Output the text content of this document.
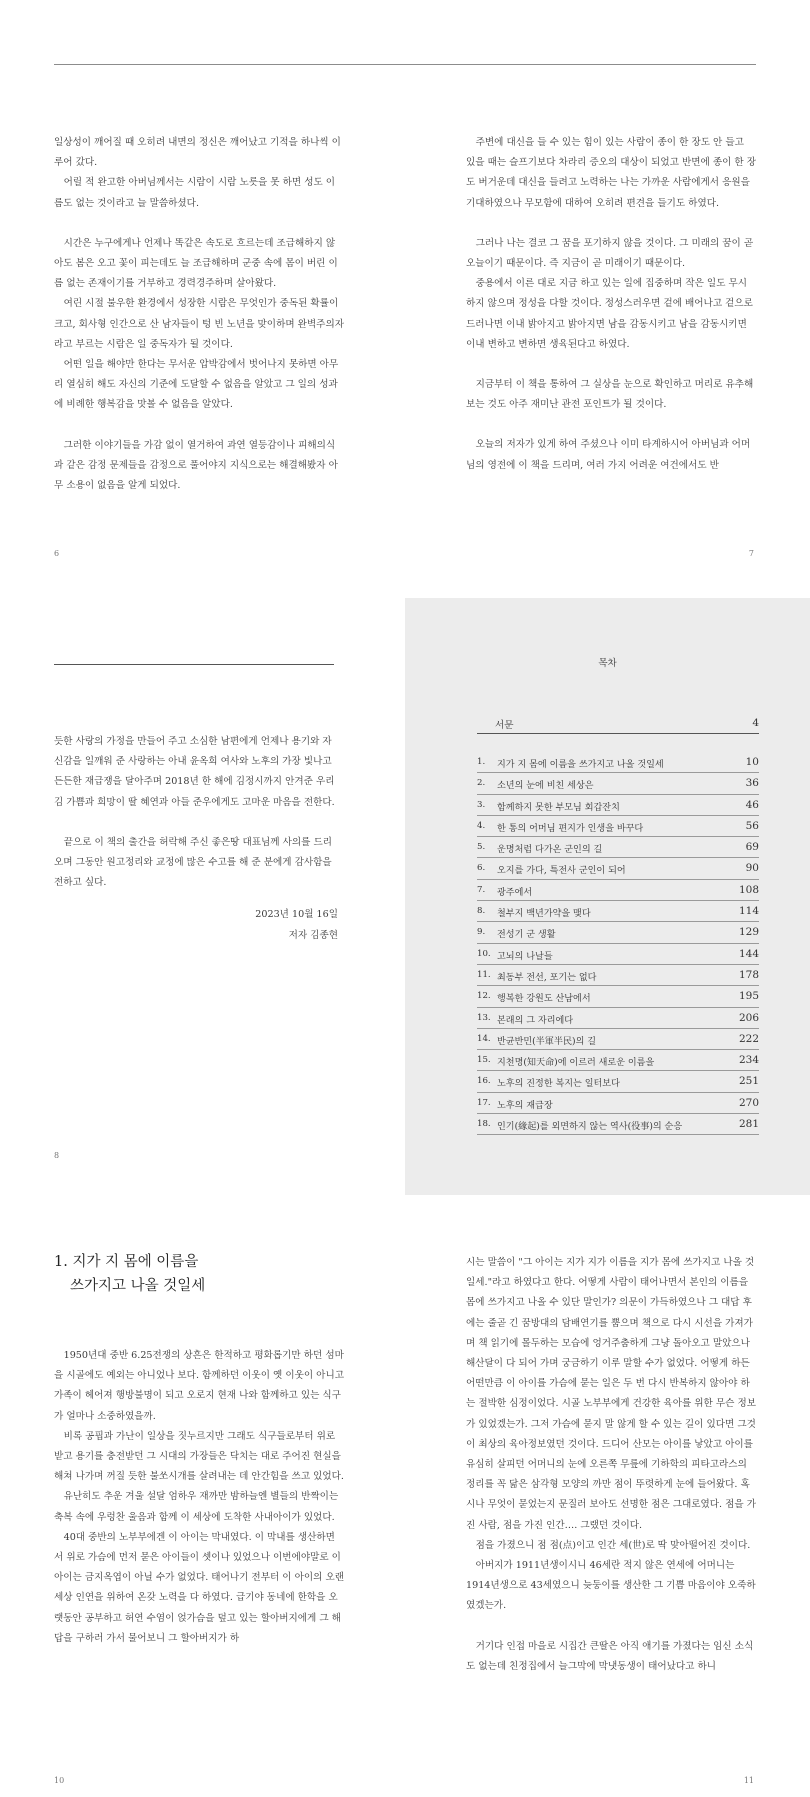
일상성이 깨어질 때 오히려 내면의 정신은 깨어났고 기적을 하나씩 이루어 갔다.

어릴 적 완고한 아버님께서는 시람이 시람 노릇을 못 하면 성도 이름도 없는 것이라고 늘 말씀하셨다.

시간은 누구에게나 언제나 똑같은 속도로 흐르는데 조급해하지 않아도 봄은 오고 꽃이 피는데도 늘 조급해하며 군중 속에 몸이 버린 이름 없는 존재이기를 거부하고 경력경주하며 살아왔다.

여린 시절 불우한 환경에서 성장한 시람은 무엇인가 중독된 확률이 크고, 회사형 인간으로 산 남자들이 텅 빈 노년을 맞이하며 완벽주의자라고 부르는 시람은 일 중독자가 될 것이다.

어떤 일을 해야만 한다는 무서운 압박감에서 벗어나지 못하면 아무리 열심히 해도 자신의 기준에 도달할 수 없음을 알았고 그 일의 성과에 비례한 행복감을 맛볼 수 없음을 알았다.

그러한 이야기들을 가감 없이 열거하여 과연 열등감이나 피해의식과 같은 감정 문제들을 감정으로 풀어야지 지식으로는 해결해봤자 아무 소용이 없음을 알게 되었다.

6

주변에 대신을 들 수 있는 힘이 있는 사람이 종이 한 장도 안 들고 있을 때는 슬프기보다 차라리 증오의 대상이 되었고 반면에 종이 한 장도 버거운데 대신을 들려고 노력하는 나는 가까운 사람에게서 응원을 기대하였으나 무모함에 대하여 오히려 편견을 들기도 하였다.

그러나 나는 결코 그 꿈을 포기하지 않을 것이다. 그 미래의 꿈이 곧 오늘이기 때문이다. 즉 지금이 곧 미래이기 때문이다.

중용에서 이른 대로 지금 하고 있는 일에 집중하며 작은 일도 무시하지 않으며 정성을 다할 것이다. 정성스러우면 겉에 배어나고 겉으로 드러나면 이내 밝아지고 밝아지면 남을 감동시키고 남을 감동시키면 이내 변하고 변하면 생육된다고 하였다.

지금부터 이 책을 통하여 그 실상을 눈으로 확인하고 머리로 유추해 보는 것도 아주 재미난 관전 포인트가 될 것이다.

오늘의 저자가 있게 하여 주셨으나 이미 타계하시어 아버님과 어머님의 영전에 이 책을 드리며, 여러 가지 어려운 여건에서도 반

7

듯한 사랑의 가정을 만들어 주고 소심한 남편에게 언제나 용기와 자신감을 일깨워 준 사랑하는 아내 윤옥희 여사와 노후의 가장 빛나고 든든한 재급쟁을 달아주며 2018년 한 해에 김정시까지 안겨준 우리 김 가쁨과 희망이 딸 혜연과 아들 준우에게도 고마운 마음을 전한다.

끝으로 이 책의 출간을 허락해 주신 좋은땅 대표님께 사의를 드리오며 그동안 원고정리와 교정에 많은 수고를 해 준 분에게 감사함을 전하고 싶다.

2023년 10월 16일

저자 김종현

8
목차
서문	4
1. 지가 지 몸에 이름을 쓰가지고 나올 것일세	10
2. 소년의 눈에 비친 세상은	36
3. 함께하지 못한 부모님 회갑잔치	46
4. 한 통의 어머님 편지가 인생을 바꾸다	56
5. 운명처럼 다가온 군인의 길	69
6. 오지를 가다, 특전사 군인이 되어	90
7. 광주에서	108
8. 철부지 백년가약을 맺다	114
9. 전성기 군 생활	129
10. 고뇌의 나날들	144
11. 최동부 전선, 포기는 없다	178
12. 행복한 강원도 산남에서	195
13. 본래의 그 자리에다	206
14. 반균반민(半軍半民)의 길	222
15. 지천명(知天命)에 이르러 새로운 이름을	234
16. 노후의 진정한 복지는 일터보다	251
17. 노후의 재급장	270
18. 인기(緣起)를 외면하지 않는 역사(役事)의 순응	281

1. 지가 지 몸에 이름을

쓰가지고 나올 것일세

1950년대 중반 6.25전쟁의 상흔은 한적하고 평화롭기만 하던 섬마을 시골에도 예외는 아니었나 보다. 함께하던 이웃이 옛 이웃이 아니고 가족이 헤어져 행방불명이 되고 오로지 현재 나와 함께하고 있는 식구가 얼마나 소중하였을까.

비록 공핍과 가난이 일상을 짓누르지만 그래도 식구들로부터 위로받고 용기를 충전받던 그 시대의 가장들은 닥치는 대로 주어진 현실을 해쳐 나가며 꺼질 듯한 불쏘시개를 살려내는 데 안간힘을 쓰고 있었다.

유난히도 추운 겨울 설달 엄하우 재까만 밤하늘엔 별들의 반짝이는 축복 속에 우렁찬 울음과 함께 이 세상에 도착한 사내아이가 있었다.

40대 중반의 노부부에겐 이 아이는 막내였다. 이 막내를 생산하면서 위로 가슴에 먼저 묻은 아이들이 셋이나 있었으나 이번에야말로 이 아이는 금지옥엽이 아닐 수가 없었다. 태어나기 전부터 이 아이의 오랜 세상 인연을 위하여 온갖 노력을 다 하였다. 급기야 동네에 한학을 오랫동안 공부하고 허연 수염이 얹가슴을 덮고 있는 할아버지에게 그 해답을 구하러 가서 물어보니 그 할아버지가 하

10

시는 말씀이 "그 아이는 지가 지가 이름을 지가 몸에 쓰가지고 나올 것일세."라고 하였다고 한다. 어떻게 사람이 태어나면서 본인의 이름을 몸에 쓰가지고 나올 수 있단 말인가? 의문이 가득하였으나 그 대답 후에는 줄곧 긴 꿈방대의 담배연기를 뿜으며 책으로 다시 시선을 가져가며 책 읽기에 몰두하는 모습에 엉거주춤하게 그냥 돌아오고 말았으나 해산달이 다 되어 가며 궁금하기 이루 말할 수가 없었다. 어떻게 하든 어떤만큼 이 아이를 가슴에 묻는 일은 두 번 다시 반복하지 않아야 하는 절박한 심정이었다. 시골 노부부에게 건강한 육아를 위한 무슨 정보가 있었겠는가. 그저 가슴에 묻지 말 않게 할 수 있는 길이 있다면 그것이 최상의 육아정보였던 것이다. 드디어 산모는 아이를 낳았고 아이를 유심히 살피던 어머니의 눈에 오른쪽 무릎에 기하학의 피타고라스의 정리를 꼭 닮은 삼각형 모양의 까만 점이 뚜렷하게 눈에 들어왔다. 혹시나 무엇이 묻었는지 문질러 보아도 선명한 점은 그대로였다. 점을 가진 사람, 점을 가진 인간…. 그랬던 것이다.

점을 가졌으니 점 점(点)이고 인간 세(世)로 딱 맞아떨어진 것이다.

아버지가 1911년생이시니 46세란 적지 않은 연세에 어머니는 1914년생으로 43세였으니 늦둥이를 생산한 그 기쁨 마음이야 오죽하였겠는가.

거기다 인접 마을로 시집간 큰딸은 아직 애기를 가졌다는 임신 소식도 없는데 친정집에서 늘그막에 막냇동생이 태어났다고 하니

11
